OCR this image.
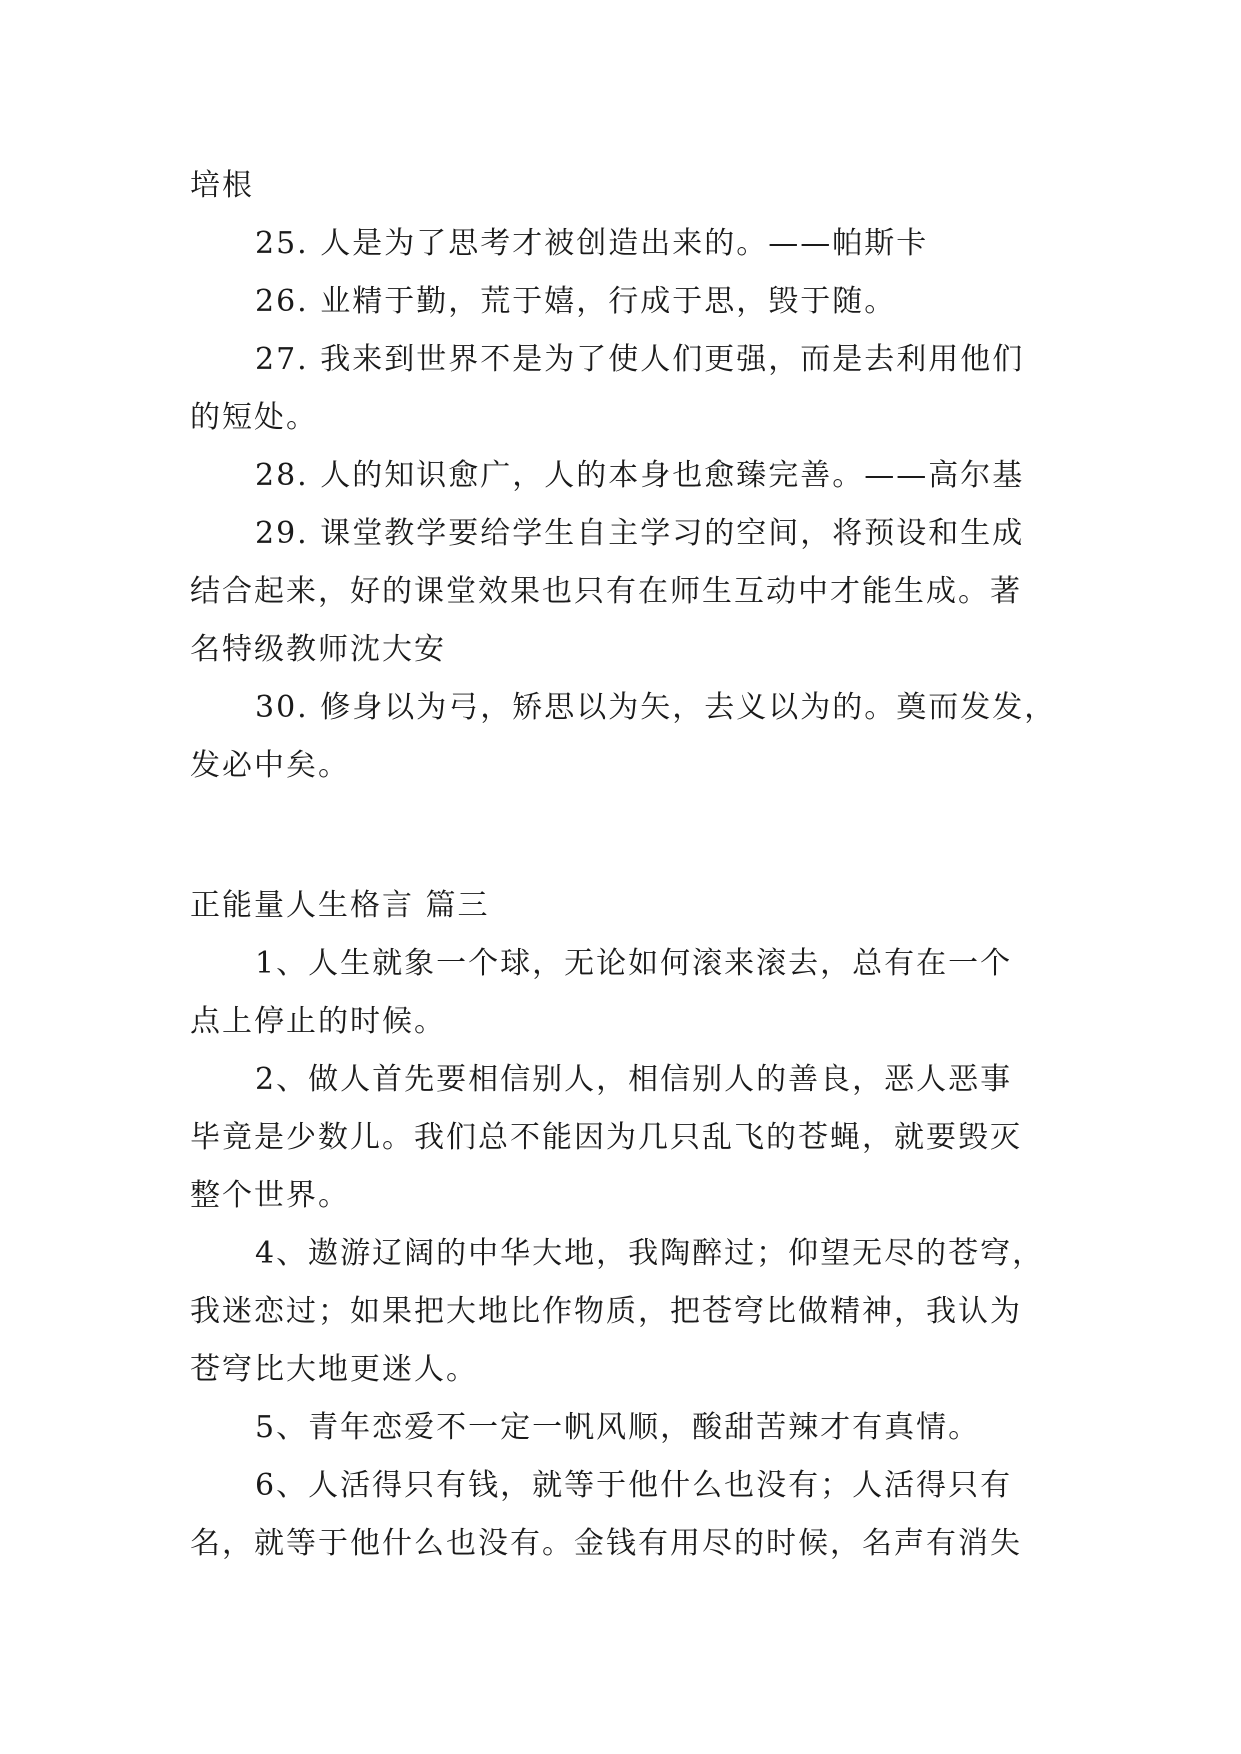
培根

25. 人是为了思考才被创造出来的。——帕斯卡

26. 业精于勤，荒于嬉，行成于思，毁于随。

27. 我来到世界不是为了使人们更强，而是去利用他们

的短处。

28. 人的知识愈广，人的本身也愈臻完善。——高尔基

29. 课堂教学要给学生自主学习的空间，将预设和生成

结合起来，好的课堂效果也只有在师生互动中才能生成。著

名特级教师沈大安

30. 修身以为弓，矫思以为矢，去义以为的。奠而发发，

发必中矣。

正能量人生格言 篇三

1、人生就象一个球，无论如何滚来滚去，总有在一个

点上停止的时候。

2、做人首先要相信别人，相信别人的善良，恶人恶事

毕竟是少数儿。我们总不能因为几只乱飞的苍蝇，就要毁灭

整个世界。

4、遨游辽阔的中华大地，我陶醉过；仰望无尽的苍穹，

我迷恋过；如果把大地比作物质，把苍穹比做精神，我认为

苍穹比大地更迷人。

5、青年恋爱不一定一帆风顺，酸甜苦辣才有真情。

6、人活得只有钱，就等于他什么也没有；人活得只有

名，就等于他什么也没有。金钱有用尽的时候，名声有消失
